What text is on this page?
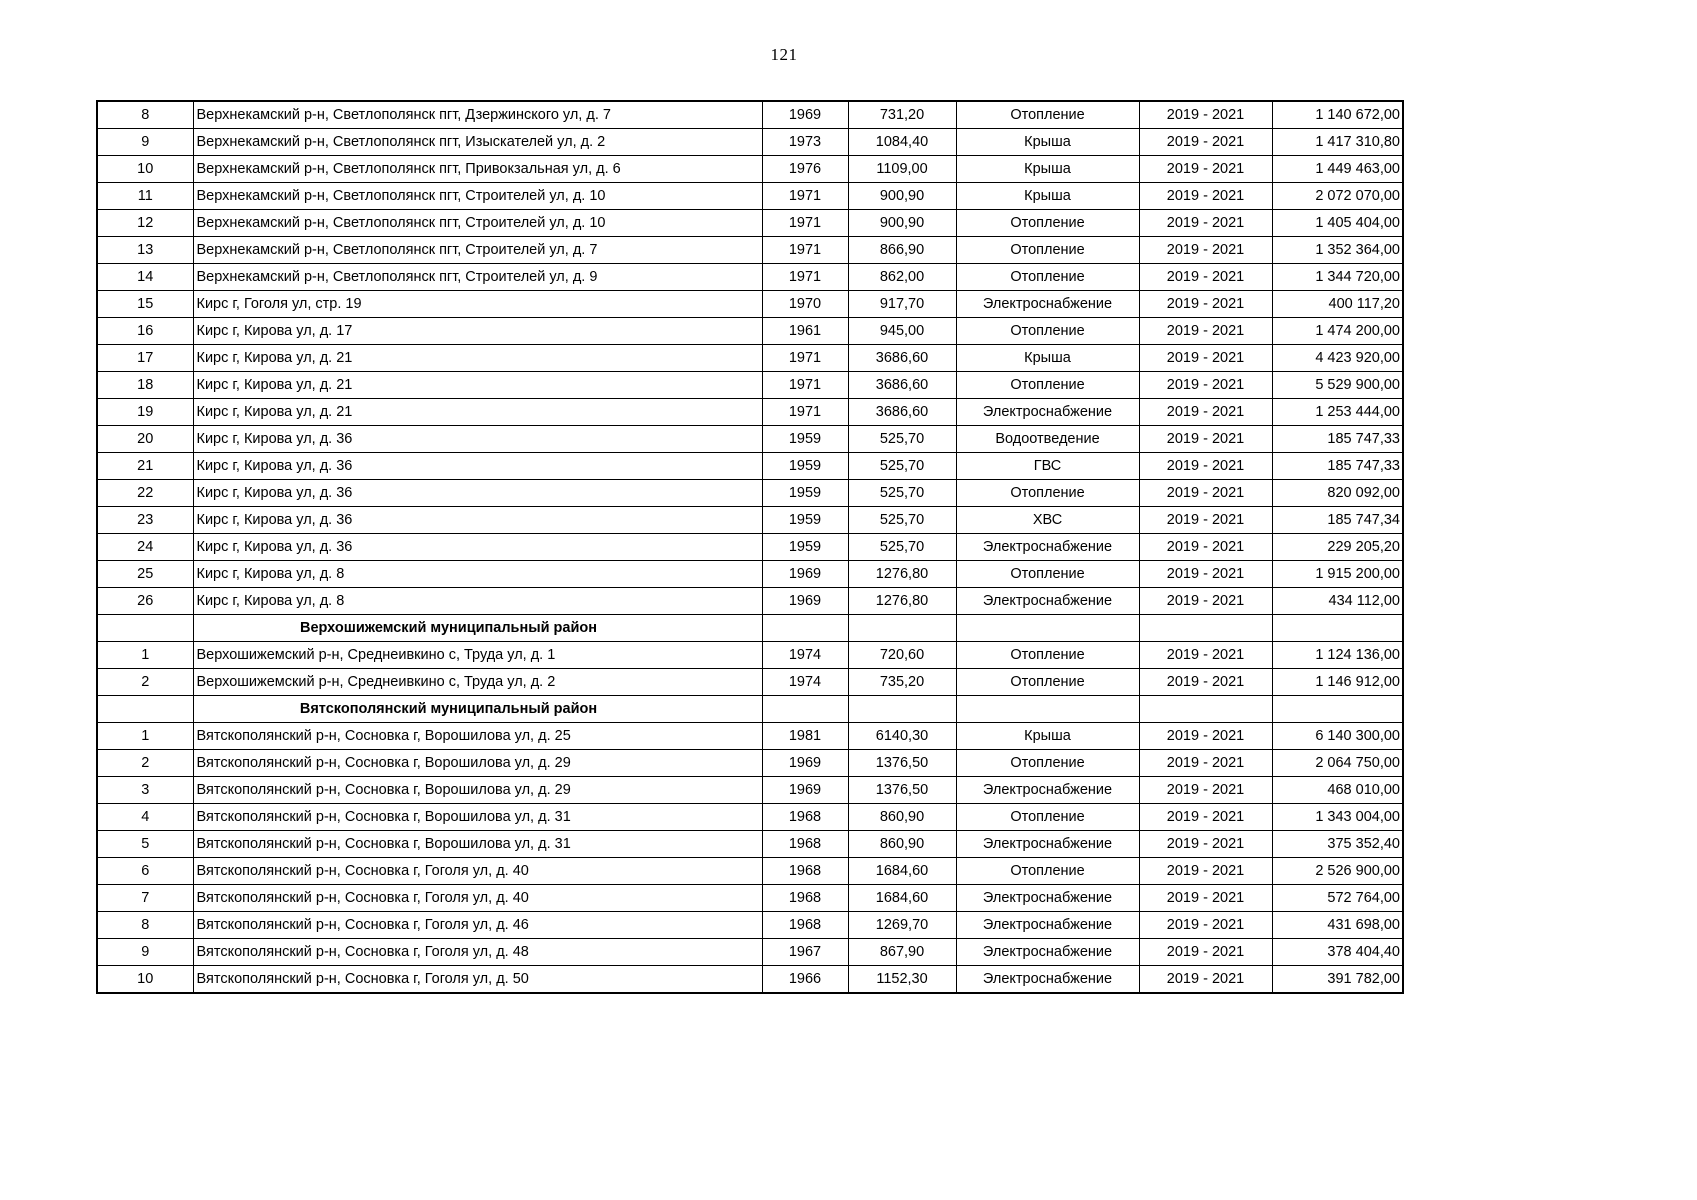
121
8	Верхнекамский р-н, Светлополянск пгт, Дзержинского ул, д. 7	1969	731,20	Отопление	2019 - 2021	1 140 672,00
9	Верхнекамский р-н, Светлополянск пгт, Изыскателей ул, д. 2	1973	1084,40	Крыша	2019 - 2021	1 417 310,80
10	Верхнекамский р-н, Светлополянск пгт, Привокзальная ул, д. 6	1976	1109,00	Крыша	2019 - 2021	1 449 463,00
11	Верхнекамский р-н, Светлополянск пгт, Строителей ул, д. 10	1971	900,90	Крыша	2019 - 2021	2 072 070,00
12	Верхнекамский р-н, Светлополянск пгт, Строителей ул, д. 10	1971	900,90	Отопление	2019 - 2021	1 405 404,00
13	Верхнекамский р-н, Светлополянск пгт, Строителей ул, д. 7	1971	866,90	Отопление	2019 - 2021	1 352 364,00
14	Верхнекамский р-н, Светлополянск пгт, Строителей ул, д. 9	1971	862,00	Отопление	2019 - 2021	1 344 720,00
15	Кирс г, Гоголя ул, стр. 19	1970	917,70	Электроснабжение	2019 - 2021	400 117,20
16	Кирс г, Кирова ул, д. 17	1961	945,00	Отопление	2019 - 2021	1 474 200,00
17	Кирс г, Кирова ул, д. 21	1971	3686,60	Крыша	2019 - 2021	4 423 920,00
18	Кирс г, Кирова ул, д. 21	1971	3686,60	Отопление	2019 - 2021	5 529 900,00
19	Кирс г, Кирова ул, д. 21	1971	3686,60	Электроснабжение	2019 - 2021	1 253 444,00
20	Кирс г, Кирова ул, д. 36	1959	525,70	Водоотведение	2019 - 2021	185 747,33
21	Кирс г, Кирова ул, д. 36	1959	525,70	ГВС	2019 - 2021	185 747,33
22	Кирс г, Кирова ул, д. 36	1959	525,70	Отопление	2019 - 2021	820 092,00
23	Кирс г, Кирова ул, д. 36	1959	525,70	ХВС	2019 - 2021	185 747,34
24	Кирс г, Кирова ул, д. 36	1959	525,70	Электроснабжение	2019 - 2021	229 205,20
25	Кирс г, Кирова ул, д. 8	1969	1276,80	Отопление	2019 - 2021	1 915 200,00
26	Кирс г, Кирова ул, д. 8	1969	1276,80	Электроснабжение	2019 - 2021	434 112,00
	Верхошижемский муниципальный район					
1	Верхошижемский р-н, Среднеивкино с, Труда ул, д. 1	1974	720,60	Отопление	2019 - 2021	1 124 136,00
2	Верхошижемский р-н, Среднеивкино с, Труда ул, д. 2	1974	735,20	Отопление	2019 - 2021	1 146 912,00
	Вятскополянский муниципальный район					
1	Вятскополянский р-н, Сосновка г, Ворошилова ул, д. 25	1981	6140,30	Крыша	2019 - 2021	6 140 300,00
2	Вятскополянский р-н, Сосновка г, Ворошилова ул, д. 29	1969	1376,50	Отопление	2019 - 2021	2 064 750,00
3	Вятскополянский р-н, Сосновка г, Ворошилова ул, д. 29	1969	1376,50	Электроснабжение	2019 - 2021	468 010,00
4	Вятскополянский р-н, Сосновка г, Ворошилова ул, д. 31	1968	860,90	Отопление	2019 - 2021	1 343 004,00
5	Вятскополянский р-н, Сосновка г, Ворошилова ул, д. 31	1968	860,90	Электроснабжение	2019 - 2021	375 352,40
6	Вятскополянский р-н, Сосновка г, Гоголя ул, д. 40	1968	1684,60	Отопление	2019 - 2021	2 526 900,00
7	Вятскополянский р-н, Сосновка г, Гоголя ул, д. 40	1968	1684,60	Электроснабжение	2019 - 2021	572 764,00
8	Вятскополянский р-н, Сосновка г, Гоголя ул, д. 46	1968	1269,70	Электроснабжение	2019 - 2021	431 698,00
9	Вятскополянский р-н, Сосновка г, Гоголя ул, д. 48	1967	867,90	Электроснабжение	2019 - 2021	378 404,40
10	Вятскополянский р-н, Сосновка г, Гоголя ул, д. 50	1966	1152,30	Электроснабжение	2019 - 2021	391 782,00
